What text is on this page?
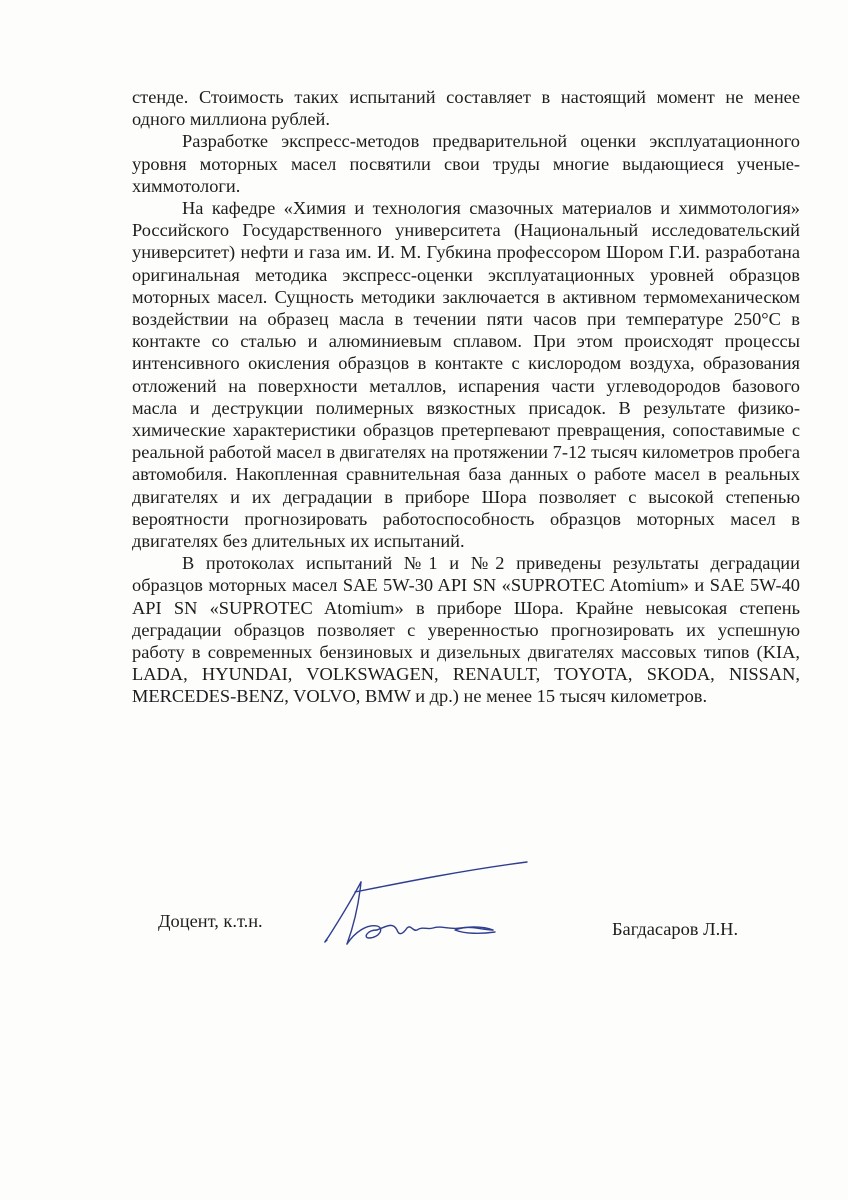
стенде. Стоимость таких испытаний составляет в настоящий момент не менее одного миллиона рублей.

Разработке экспресс-методов предварительной оценки эксплуатационного уровня моторных масел посвятили свои труды многие выдающиеся ученые-химмотологи.

На кафедре «Химия и технология смазочных материалов и химмотология» Российского Государственного университета (Национальный исследовательский университет) нефти и газа им. И. М. Губкина профессором Шором Г.И. разработана оригинальная методика экспресс-оценки эксплуатационных уровней образцов моторных масел. Сущность методики заключается в активном термомеханическом воздействии на образец масла в течении пяти часов при температуре 250°С в контакте со сталью и алюминиевым сплавом. При этом происходят процессы интенсивного окисления образцов в контакте с кислородом воздуха, образования отложений на поверхности металлов, испарения части углеводородов базового масла и деструкции полимерных вязкостных присадок. В результате физико-химические характеристики образцов претерпевают превращения, сопоставимые с реальной работой масел в двигателях на протяжении 7-12 тысяч километров пробега автомобиля. Накопленная сравнительная база данных о работе масел в реальных двигателях и их деградации в приборе Шора позволяет с высокой степенью вероятности прогнозировать работоспособность образцов моторных масел в двигателях без длительных их испытаний.

В протоколах испытаний №1 и №2 приведены результаты деградации образцов моторных масел SAE 5W-30 API SN «SUPROTEC Atomium» и SAE 5W-40 API SN «SUPROTEC Atomium» в приборе Шора. Крайне невысокая степень деградации образцов позволяет с уверенностью прогнозировать их успешную работу в современных бензиновых и дизельных двигателях массовых типов (KIA, LADA, HYUNDAI, VOLKSWAGEN, RENAULT, TOYOTA, SKODA, NISSAN, MERCEDES-BENZ, VOLVO, BMW и др.) не менее 15 тысяч километров.

Доцент, к.т.н.	Багдасаров Л.Н.
